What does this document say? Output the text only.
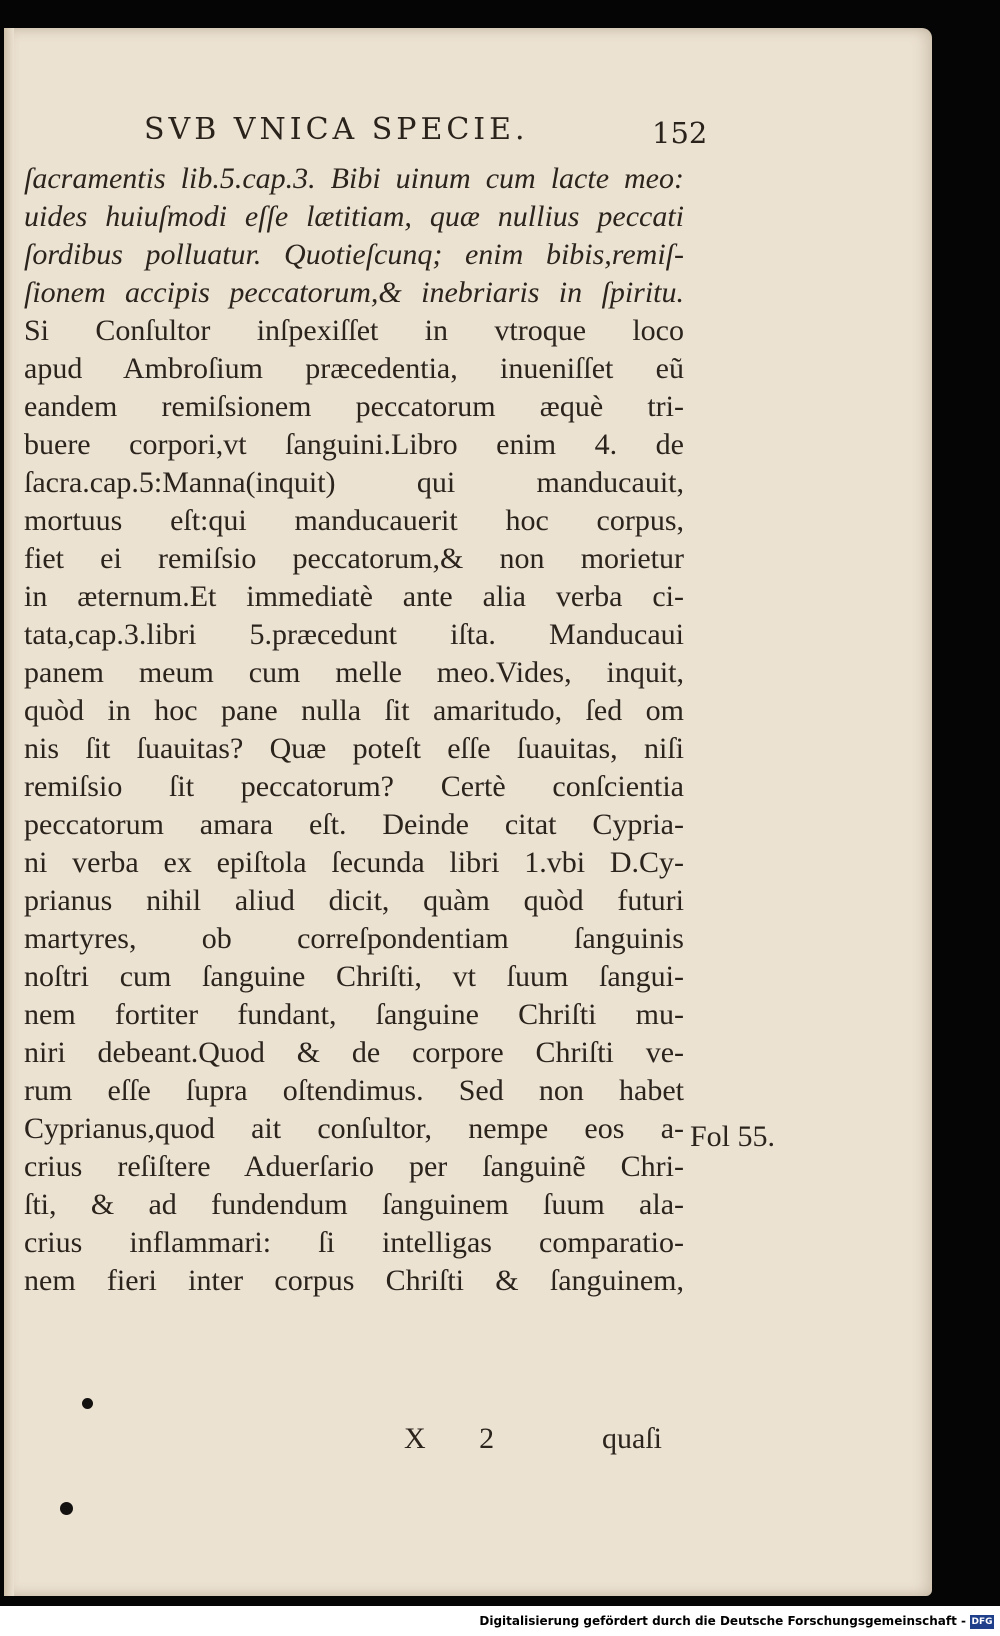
SVB VNICA SPECIE.	152
ſacramentis lib.5.cap.3. Bibi uinum cum lacte meo:
uides huiuſmodi eſſe lætitiam, quæ nullius peccati
ſordibus polluatur. Quotieſcunq; enim bibis,remiſ-
ſionem accipis peccatorum,& inebriaris in ſpiritu.
Si Conſultor inſpexiſſet in vtroque loco
apud Ambroſium præcedentia, inueniſſet eũ
eandem remiſsionem peccatorum æquè tri-
buere corpori,vt ſanguini.Libro enim 4. de
ſacra.cap.5:Manna(inquit) qui manducauit,
mortuus eſt:qui manducauerit hoc corpus,
fiet ei remiſsio peccatorum,& non morietur
in æternum.Et immediatè ante alia verba ci-
tata,cap.3.libri 5.præcedunt iſta. Manducaui
panem meum cum melle meo.Vides, inquit,
quòd in hoc pane nulla ſit amaritudo, ſed om
nis ſit ſuauitas? Quæ poteſt eſſe ſuauitas, niſi
remiſsio ſit peccatorum? Certè conſcientia
peccatorum amara eſt. Deinde citat Cypria-
ni verba ex epiſtola ſecunda libri 1.vbi D.Cy-
prianus nihil aliud dicit, quàm quòd futuri
martyres, ob correſpondentiam ſanguinis
noſtri cum ſanguine Chriſti, vt ſuum ſangui-
nem fortiter fundant, ſanguine Chriſti mu-
niri debeant.Quod & de corpore Chriſti ve-
rum eſſe ſupra oſtendimus. Sed non habet
Cyprianus,quod ait conſultor, nempe eos a-
crius reſiſtere Aduerſario per ſanguinẽ Chri-
ſti, & ad fundendum ſanguinem ſuum ala-
crius inflammari: ſi intelligas comparatio-
nem fieri inter corpus Chriſti & ſanguinem,
Fol 55.
X 2	quaſi
Digitalisierung gefördert durch die Deutsche Forschungsgemeinschaft - DFG
